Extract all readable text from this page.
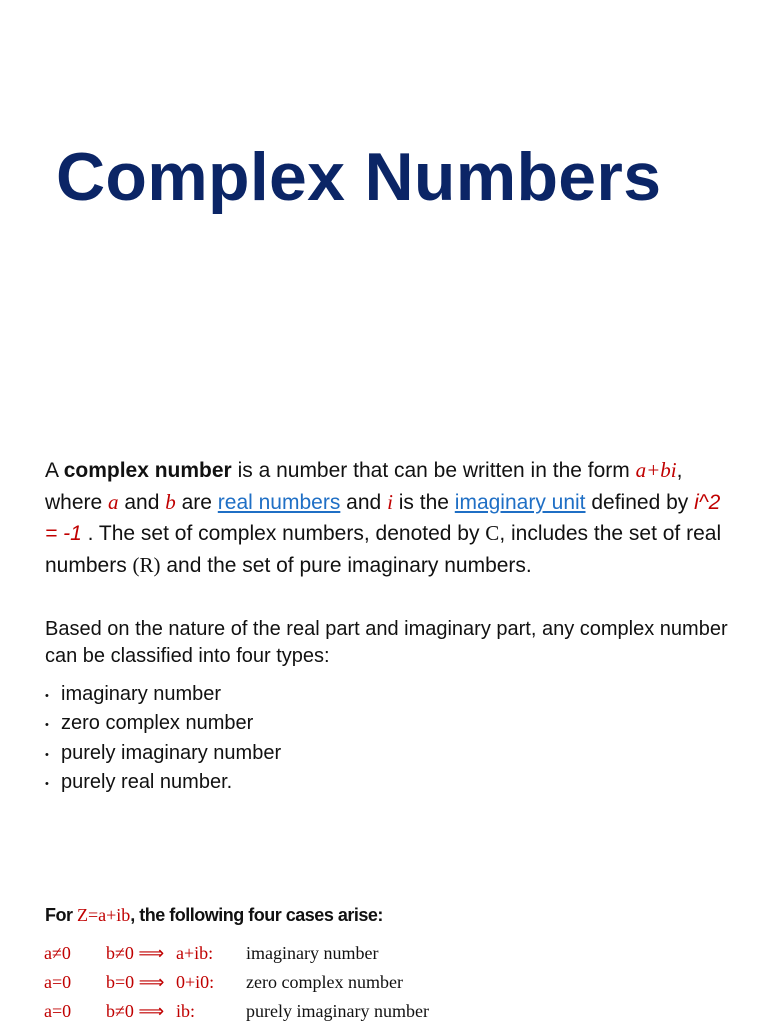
Complex Numbers
A complex number is a number that can be written in the form a+bi, where a and b are real numbers and i is the imaginary unit defined by i^2 = -1 . The set of complex numbers, denoted by C, includes the set of real numbers (R) and the set of pure imaginary numbers.
Based on the nature of the real part and imaginary part, any complex number can be classified into four types:
• imaginary number
• zero complex number
• purely imaginary number
• purely real number.
For Z=a+ib, the following four cases arise:
a≠0 b≠0 ⟹ a+ib: imaginary number
a=0 b=0 ⟹ 0+i0: zero complex number
a=0 b≠0 ⟹ ib:	purely imaginary number
